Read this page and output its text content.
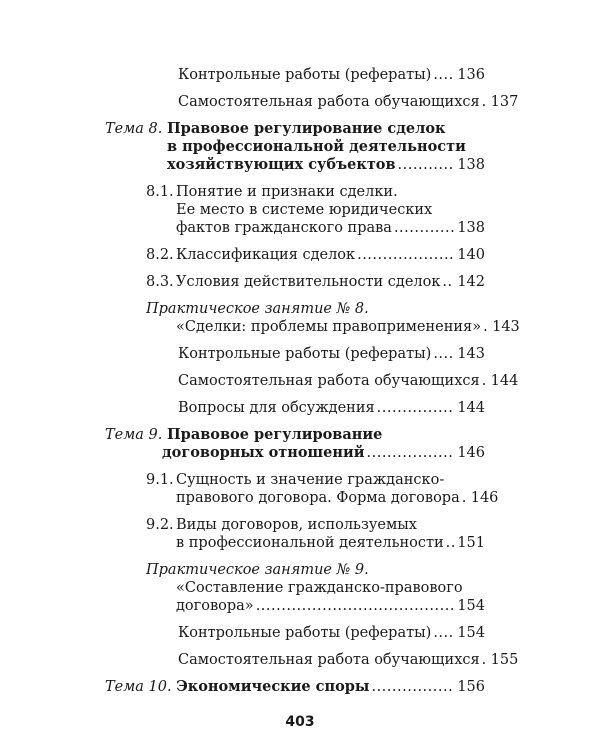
Контрольные работы (рефераты) ..... 136
Самостоятельная работа обучающихся ..... 137
Тема 8. Правовое регулирование сделок
в профессиональной деятельности
хозяйствующих субъектов .....	138
8.1. Понятие и признаки сделки.
Ее место в системе юридических
фактов гражданского права .....	138
8.2. Классификация сделок .....	140
8.3. Условия действительности сделок ..... 142
Практическое занятие № 8.
«Сделки: проблемы правоприменения» ..... 143
Контрольные работы (рефераты) ..... 143
Самостоятельная работа обучающихся ..... 144
Вопросы для обсуждения .....	144
Тема 9. Правовое регулирование
договорных отношений .....	146
9.1. Сущность и значение гражданско-
правового договора. Форма договора ..... 146
9.2. Виды договоров, используемых
в профессиональной деятельности ..... 151
Практическое занятие № 9.
«Составление гражданско-правового
договора» .....	154
Контрольные работы (рефераты) ..... 154
Самостоятельная работа обучающихся ..... 155
Тема 10. Экономические споры .....	156
403
